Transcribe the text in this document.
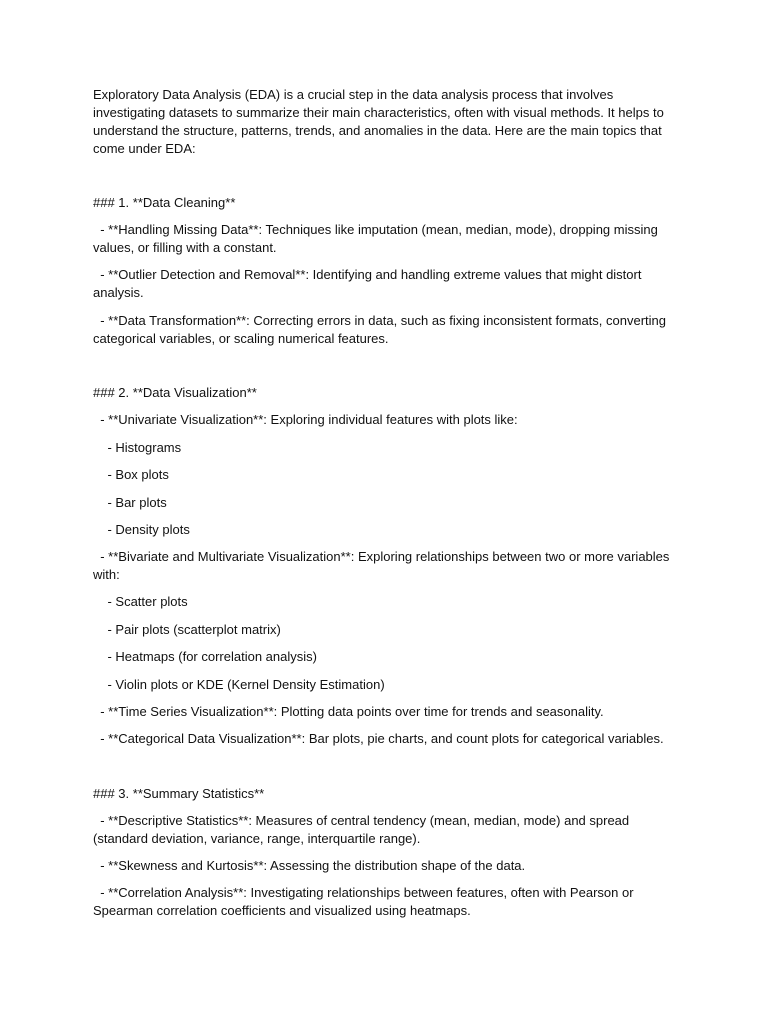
Exploratory Data Analysis (EDA) is a crucial step in the data analysis process that involves investigating datasets to summarize their main characteristics, often with visual methods. It helps to understand the structure, patterns, trends, and anomalies in the data. Here are the main topics that come under EDA:

### 1. **Data Cleaning**

- **Handling Missing Data**: Techniques like imputation (mean, median, mode), dropping missing values, or filling with a constant.

- **Outlier Detection and Removal**: Identifying and handling extreme values that might distort analysis.

- **Data Transformation**: Correcting errors in data, such as fixing inconsistent formats, converting categorical variables, or scaling numerical features.

### 2. **Data Visualization**

- **Univariate Visualization**: Exploring individual features with plots like:

- Histograms

- Box plots

- Bar plots

- Density plots

- **Bivariate and Multivariate Visualization**: Exploring relationships between two or more variables with:

- Scatter plots

- Pair plots (scatterplot matrix)

- Heatmaps (for correlation analysis)

- Violin plots or KDE (Kernel Density Estimation)

- **Time Series Visualization**: Plotting data points over time for trends and seasonality.

- **Categorical Data Visualization**: Bar plots, pie charts, and count plots for categorical variables.

### 3. **Summary Statistics**

- **Descriptive Statistics**: Measures of central tendency (mean, median, mode) and spread (standard deviation, variance, range, interquartile range).

- **Skewness and Kurtosis**: Assessing the distribution shape of the data.

- **Correlation Analysis**: Investigating relationships between features, often with Pearson or Spearman correlation coefficients and visualized using heatmaps.
